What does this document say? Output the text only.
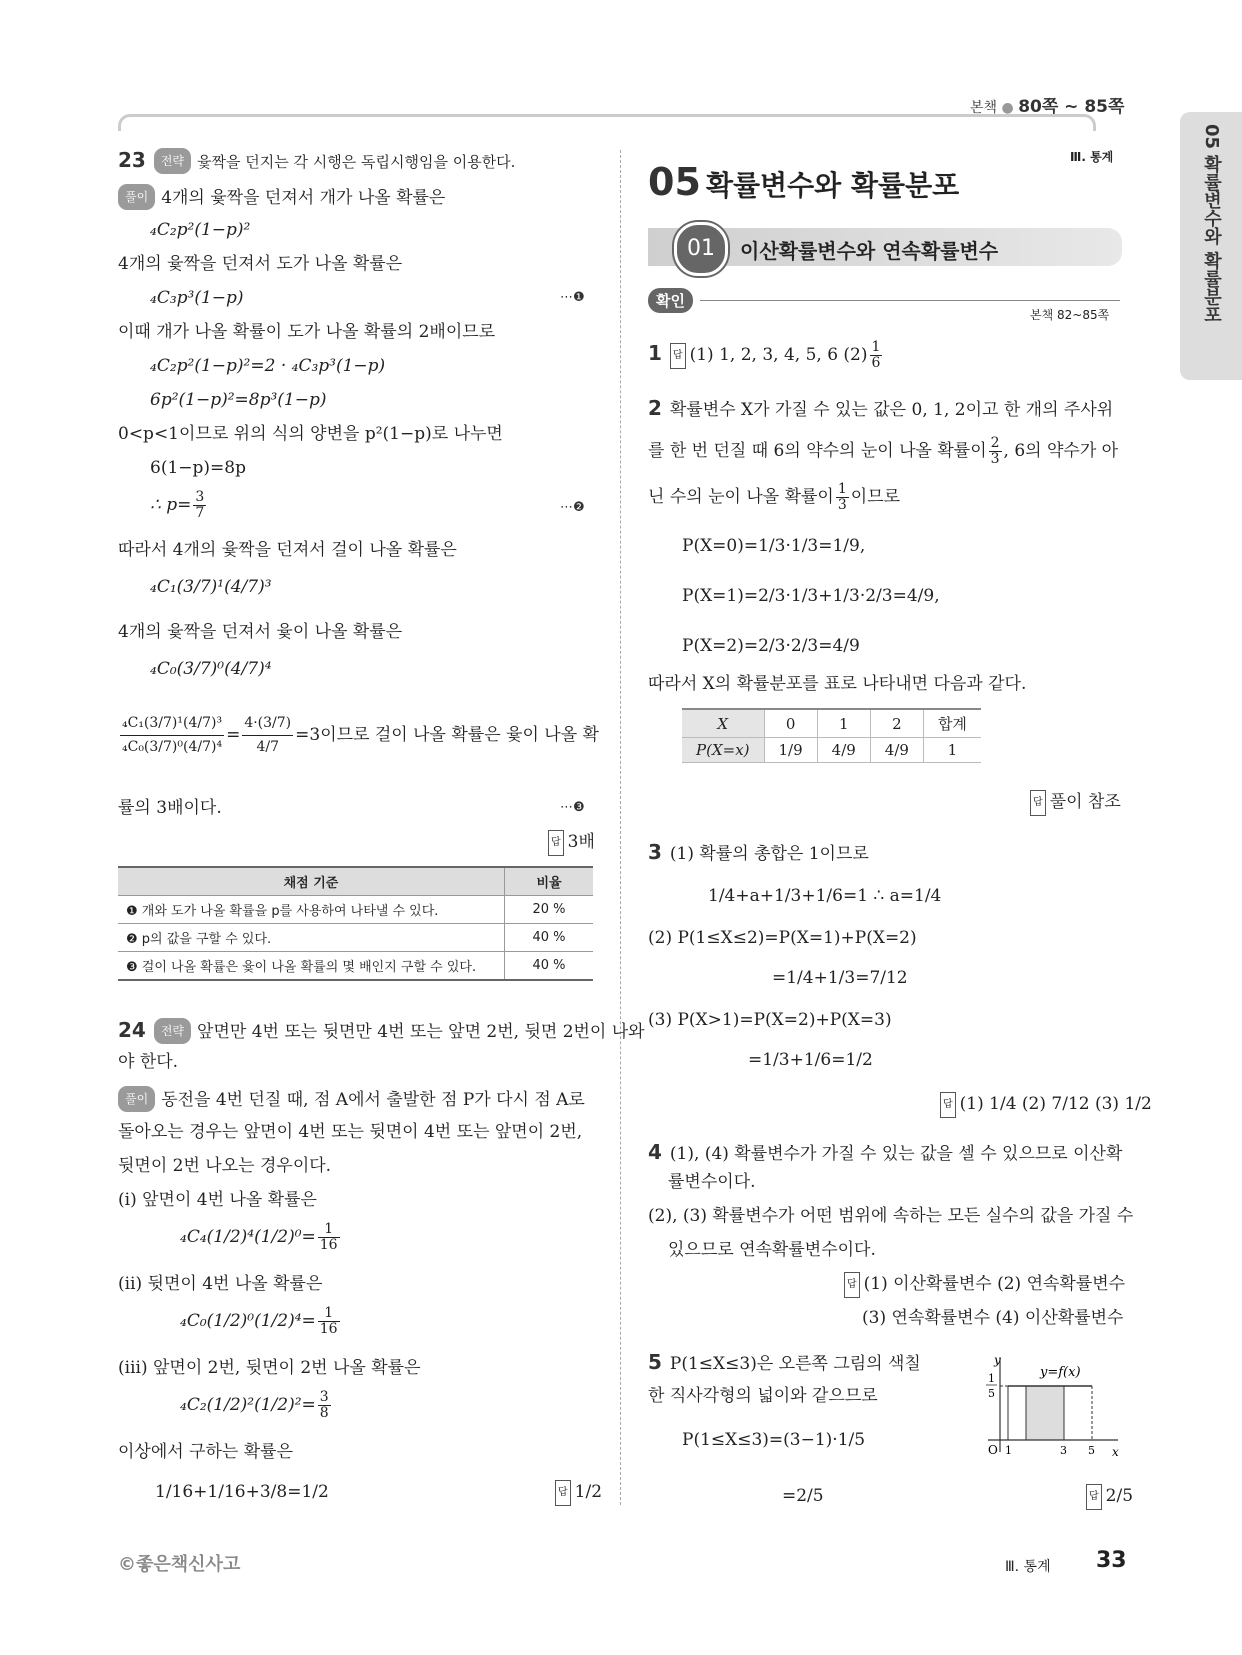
본책 ● 80쪽 ~ 85쪽
05 확률변수와 확률분포
23 전략 윷짝을 던지는 각 시행은 독립시행임을 이용한다.
풀이 4개의 윷짝을 던져서 개가 나올 확률은
₄C₂p²(1−p)²
4개의 윷짝을 던져서 도가 나올 확률은
₄C₃p³(1−p)	⋯❶
이때 개가 나올 확률이 도가 나올 확률의 2배이므로
₄C₂p²(1−p)²=2 · ₄C₃p³(1−p)
6p²(1−p)²=8p³(1−p)
0<p<1이므로 위의 식의 양변을 p²(1−p)로 나누면
6(1−p)=8p
∴ $p= \frac{3}{7}$	⋯❷
따라서 4개의 윷짝을 던져서 걸이 나올 확률은
₄C₁(3/7)¹(4/7)³
4개의 윷짝을 던져서 윷이 나올 확률은
₄C₀(3/7)⁰(4/7)⁴
$\frac{\text{₄C₁(3/7)¹(4/7)³}}{\text{₄C₀(3/7)⁰(4/7)⁴}} = \frac{4\cdot(3/7)}{4/7} =3$이므로 걸이 나올 확률은 윷이 나올 확
률의 3배이다.	⋯❸
답 3배
채점 기준	비율
❶ 개와 도가 나올 확률을 p를 사용하여 나타낼 수 있다.	20 %
❷ p의 값을 구할 수 있다.	40 %
❸ 걸이 나올 확률은 윷이 나올 확률의 몇 배인지 구할 수 있다.	40 %
24 전략 앞면만 4번 또는 뒷면만 4번 또는 앞면 2번, 뒷면 2번이 나와
야 한다.
풀이 동전을 4번 던질 때, 점 A에서 출발한 점 P가 다시 점 A로
돌아오는 경우는 앞면이 4번 또는 뒷면이 4번 또는 앞면이 2번,
뒷면이 2번 나오는 경우이다.
(ⅰ) 앞면이 4번 나올 확률은
$_4C_4(1/2)^4(1/2)^0= \frac{1}{16}$
(ⅱ) 뒷면이 4번 나올 확률은
$_4C_0(1/2)^0(1/2)^4= \frac{1}{16}$
(ⅲ) 앞면이 2번, 뒷면이 2번 나올 확률은
$_4C_2(1/2)^2(1/2)^2= \frac{3}{8}$
이상에서 구하는 확률은
1/16+1/16+3/8=1/2	답 1/2
Ⅲ. 통계
05 확률변수와 확률분포
01	이산확률변수와 연속확률변수
확인
본책 82~85쪽
1 답 (1) 1, 2, 3, 4, 5, 6 $(2) \frac{1}{6}$
2 확률변수 X가 가질 수 있는 값은 0, 1, 2이고 한 개의 주사위
를 한 번 던질 때 6의 약수의 눈이 나올 확률이 $\frac{2}{3}$ , 6의 약수가 아
닌 수의 눈이 나올 확률이 $\frac{1}{3}$ 이므로
P(X=0)=1/3·1/3=1/9,
P(X=1)=2/3·1/3+1/3·2/3=4/9,
P(X=2)=2/3·2/3=4/9
따라서 X의 확률분포를 표로 나타내면 다음과 같다.
X	0	1	2	합계
P(X=x)	1/9	4/9	4/9	1
답 풀이 참조
3 (1) 확률의 총합은 1이므로
1/4+a+1/3+1/6=1 ∴ a=1/4
(2) P(1≤X≤2)=P(X=1)+P(X=2)
=1/4+1/3=7/12
(3) P(X>1)=P(X=2)+P(X=3)
=1/3+1/6=1/2
답 (1) 1/4 (2) 7/12 (3) 1/2
4 (1), (4) 확률변수가 가질 수 있는 값을 셀 수 있으므로 이산확
률변수이다.
(2), (3) 확률변수가 어떤 범위에 속하는 모든 실수의 값을 가질 수
있으므로 연속확률변수이다.
답 (1) 이산확률변수 (2) 연속확률변수
(3) 연속확률변수 (4) 이산확률변수
5 P(1≤X≤3)은 오른쪽 그림의 색칠
한 직사각형의 넓이와 같으므로
P(1≤X≤3)=(3−1)·1/5
=2/5	답 2/5
y
x
y=f(x)
1
5
O 1	3 5
©좋은책신사고	Ⅲ. 통계 33
